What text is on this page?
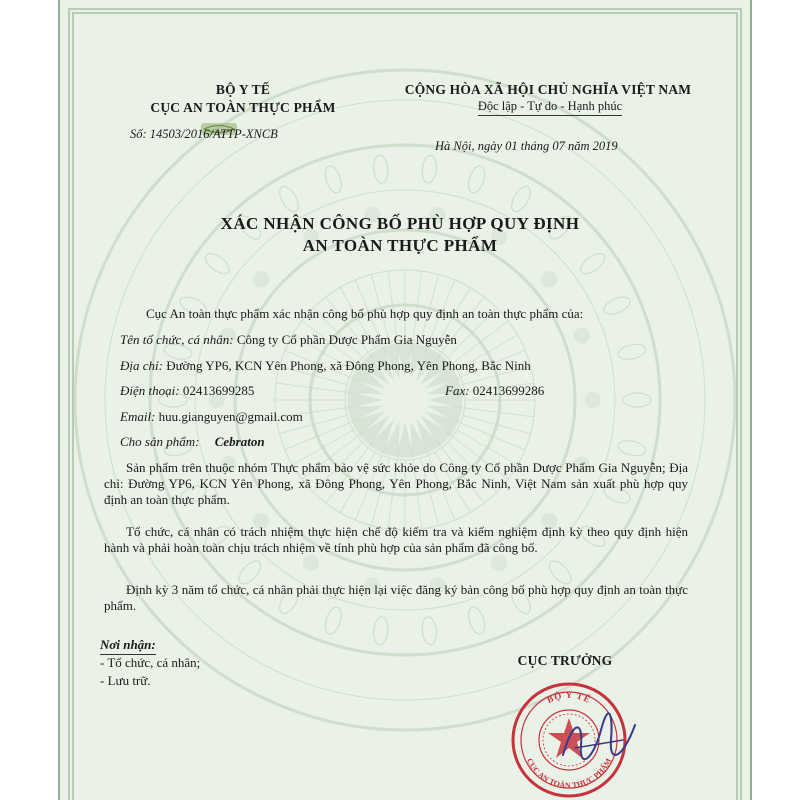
BỘ Y TẾ
CỤC AN TOÀN THỰC PHẨM
Số: 14503/2016/ATTP-XNCB
CỘNG HÒA XÃ HỘI CHỦ NGHĨA VIỆT NAM
Độc lập - Tự do - Hạnh phúc
Hà Nội, ngày 01 tháng 07 năm 2019
XÁC NHẬN CÔNG BỐ PHÙ HỢP QUY ĐỊNH
AN TOÀN THỰC PHẨM
Cục An toàn thực phẩm xác nhận công bố phù hợp quy định an toàn thực phẩm của:
Tên tổ chức, cá nhân: Công ty Cổ phần Dược Phẩm Gia Nguyễn
Địa chỉ: Đường YP6, KCN Yên Phong, xã Đông Phong, Yên Phong, Bắc Ninh
Điện thoại: 02413699285	Fax: 02413699286
Email: huu.gianguyen@gmail.com
Cho sản phẩm: Cebraton
Sản phẩm trên thuộc nhóm Thực phẩm bảo vệ sức khỏe do Công ty Cổ phần Dược Phẩm Gia Nguyễn; Địa chỉ: Đường YP6, KCN Yên Phong, xã Đông Phong, Yên Phong, Bắc Ninh, Việt Nam sản xuất phù hợp quy định an toàn thực phẩm.
Tổ chức, cá nhân có trách nhiệm thực hiện chế độ kiểm tra và kiểm nghiệm định kỳ theo quy định hiện hành và phải hoàn toàn chịu trách nhiệm về tính phù hợp của sản phẩm đã công bố.
Định kỳ 3 năm tổ chức, cá nhân phải thực hiện lại việc đăng ký bản công bố phù hợp quy định an toàn thực phẩm.
Nơi nhận:
- Tổ chức, cá nhân;
- Lưu trữ.
CỤC TRƯỞNG
BỘ Y TẾ
CỤC AN TOÀN THỰC PHẨM
